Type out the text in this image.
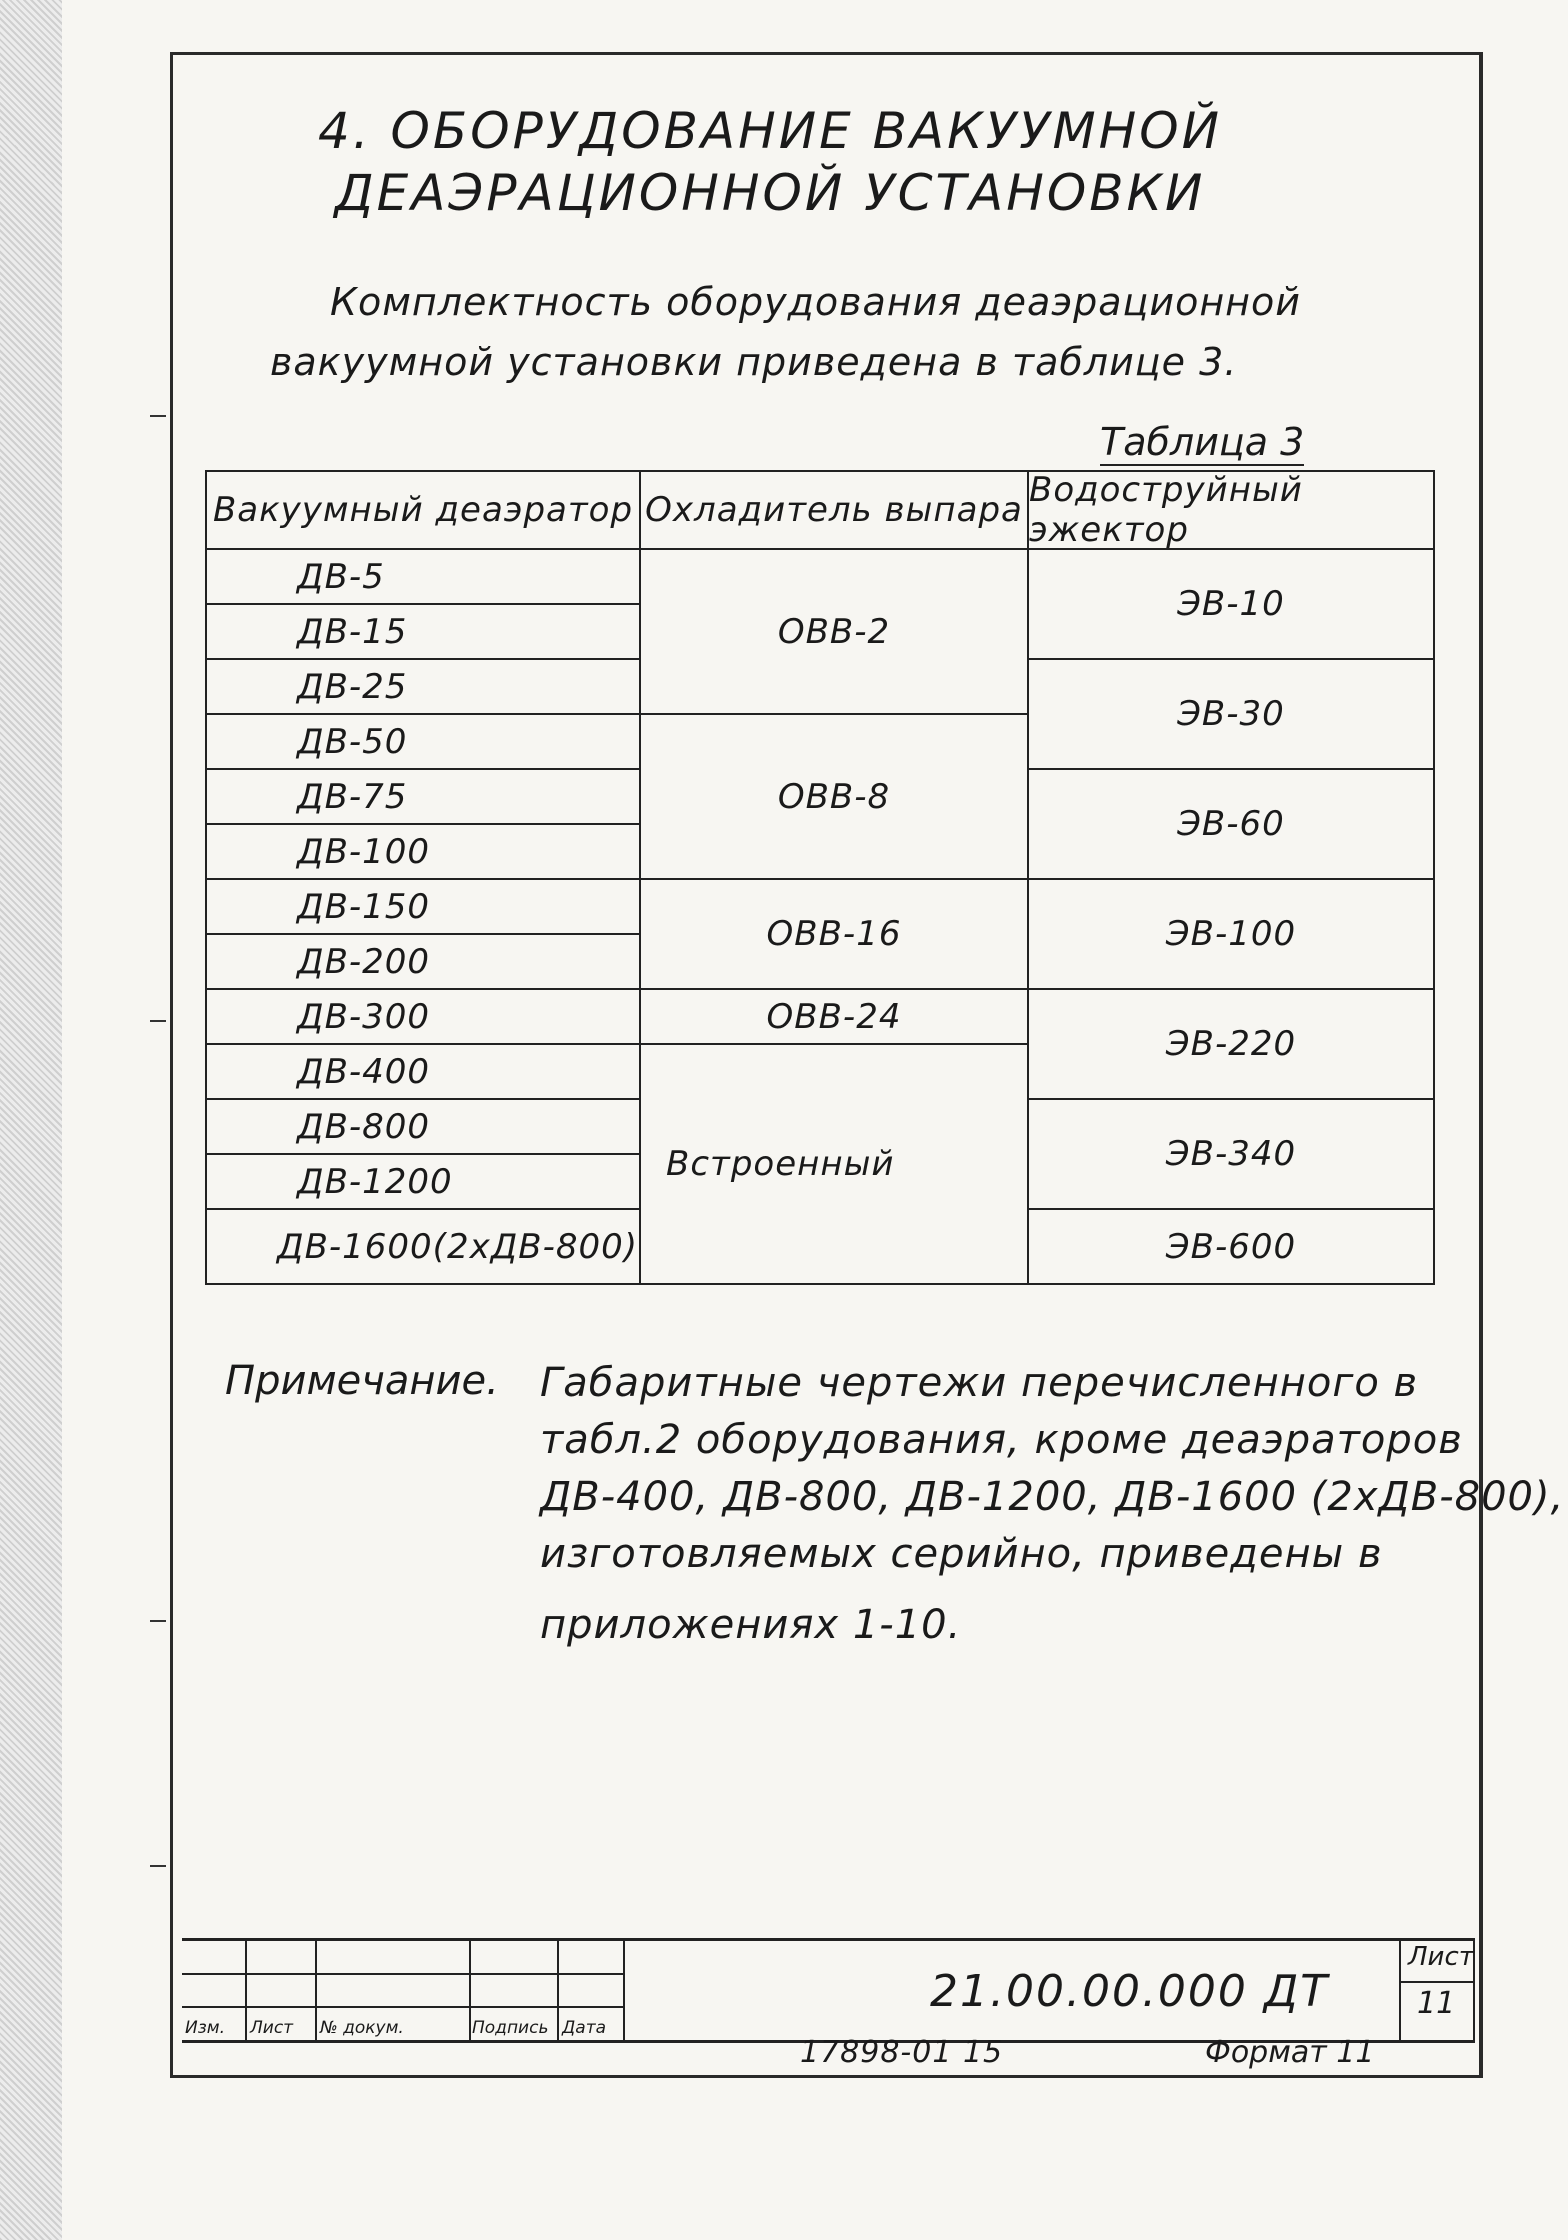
4. ОБОРУДОВАНИЕ ВАКУУМНОЙ
ДЕАЭРАЦИОННОЙ УСТАНОВКИ
Комплектность оборудования деаэрационной
вакуумной установки приведена в таблице 3.
Таблица 3
Вакуумный деаэратор Охладитель выпара Водоструйный эжектор
ДВ-5
ДВ-15
ДВ-25
ДВ-50
ДВ-75
ДВ-100
ДВ-150
ДВ-200
ДВ-300
ДВ-400
ДВ-800
ДВ-1200
ДВ-1600(2хДВ-800)
ОВВ-2
ОВВ-8
ОВВ-16
ОВВ-24
Встроенный
ЭВ-10
ЭВ-30
ЭВ-60
ЭВ-100
ЭВ-220
ЭВ-340
ЭВ-600
Примечание. Габаритные чертежи перечисленного в
табл.2 оборудования, кроме деаэраторов
ДВ-400, ДВ-800, ДВ-1200, ДВ-1600 (2хДВ-800),
изготовляемых серийно, приведены в
приложениях 1-10.
Изм. Лист № докум.	Подпись Дата
21.00.00.000 ДТ
Лист
11
17898-01 15	Формат 11
